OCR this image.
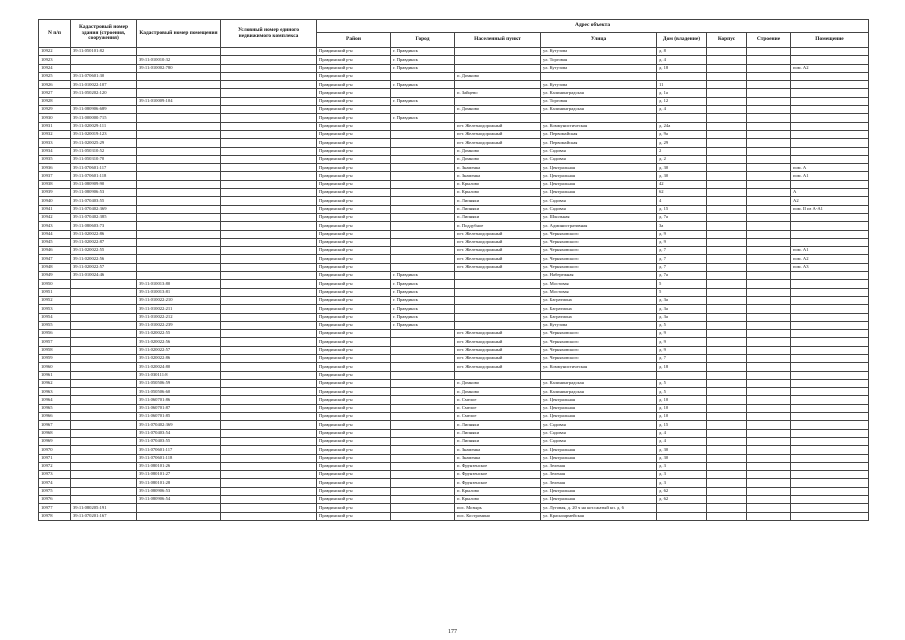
N п/п	Кадастровый номер здания (строения, сооружения)	Кадастровый номер помещения	Условный номер единого недвижимого комплекса	Адрес объекта							
				Район	Город	Населенный пункт	Улица	Дом (владение)	Корпус	Строение	Помещение
10922	39:11:050101:82			Правдинский р-н	г. Правдинск		ул. Кутузова	д. 8			
10923		39:11:010010:32		Правдинский р-н	г. Правдинск		ул. Торговая	д. 4			
10924		39:11:010002:780		Правдинский р-н	г. Правдинск		ул. Кутузова	д. 18			пом. А2
10925	39:11:070601:30			Правдинский р-н		п. Домново					
10926	39:11:010022:107			Правдинский р-н	г. Правдинск		ул. Кутузова	11			
10927	39:11:050202:120			Правдинский р-н		п. Зайцево	ул. Калининградская	д. 1а			
10928		39:11:010009:104		Правдинский р-н	г. Правдинск		ул. Торговая	д. 12			
10929	39:11:080906:689			Правдинский р-н		п. Домново	ул. Калининградская	д. 4			
10930	39:11:000000:715			Правдинский р-н	г. Правдинск						
10931	39:11:020029:111			Правдинский р-н		пгт. Железнодорожный	ул. Коммунистическая	д. 24а			
10932	39:11:020019:123			Правдинский р-н		пгт. Железнодорожный	ул. Первомайская	д. 9а			
10933	39:11:020025:29			Правдинский р-н		пгт. Железнодорожный	ул. Первомайская	д. 29			
10934	39:11:050310:52			Правдинский р-н		п. Домново	ул. Садовая	2			
10935	39:11:050310:70			Правдинский р-н		п. Домново	ул. Садовая	д. 2			
10936	39:11:070601:117			Правдинский р-н		п. Знаменка	ул. Центральная	д. 30			пом. А
10937	39:11:070601:118			Правдинский р-н		п. Знаменка	ул. Центральная	д. 30			пом. А1
10938	39:11:080909:90			Правдинский р-н		п. Крылово	ул. Центральная	42			
10939	39:11:080906:53			Правдинский р-н		п. Крылово	ул. Центральная	62			А
10940	39:11:070403:55			Правдинский р-н		п. Липняки	ул. Садовая	4			А2
10941	39:11:070402:369			Правдинский р-н		п. Липняки	ул. Садовая	д. 15			пом. II из А-А1
10942	39:11:070402:385			Правдинский р-н		п. Липняки	ул. Школьная	д. 7а			
10943	39:11:080603:73			Правдинский р-н		п. Поддубное	ул. Административная	3а			
10944	39:11:020022:86			Правдинский р-н		пгт. Железнодорожный	ул. Черняховского	д. 9			
10945	39:11:020022:87			Правдинский р-н		пгт. Железнодорожный	ул. Черняховского	д. 9			
10946	39:11:020022:55			Правдинский р-н		пгт. Железнодорожный	ул. Черняховского	д. 7			пом. А1
10947	39:11:020022:56			Правдинский р-н		пгт. Железнодорожный	ул. Черняховского	д. 7			пом. А2
10948	39:11:020022:57			Правдинский р-н		пгт. Железнодорожный	ул. Черняховского	д. 7			пом. А3
10949	39:11:010024:46			Правдинский р-н	г. Правдинск		ул. Набережная	д. 7а			
10950		39:11:010013:80		Правдинский р-н	г. Правдинск		ул. Мостовая	5			
10951		39:11:010013:81		Правдинский р-н	г. Правдинск		ул. Мостовая	5			
10952		39:11:010022:210		Правдинский р-н	г. Правдинск		ул. Багратиона	д. 3а			
10953		39:11:010022:211		Правдинский р-н	г. Правдинск		ул. Багратиона	д. 3а			
10954		39:11:010022:212		Правдинский р-н	г. Правдинск		ул. Багратиона	д. 3а			
10955		39:11:010022:239		Правдинский р-н	г. Правдинск		ул. Кутузова	д. 5			
10956		39:11:020022:55		Правдинский р-н		пгт. Железнодорожный	ул. Черняховского	д. 9			
10957		39:11:020022:56		Правдинский р-н		пгт. Железнодорожный	ул. Черняховского	д. 9			
10958		39:11:020022:57		Правдинский р-н		пгт. Железнодорожный	ул. Черняховского	д. 9			
10959		39:11:020022:86		Правдинский р-н		пгт. Железнодорожный	ул. Черняховского	д. 7			
10960		39:11:020024:80		Правдинский р-н		пгт. Железнодорожный	ул. Коммунистическая	д. 18			
10961		39:11:030111:8		Правдинский р-н							
10962		39:11:050506:59		Правдинский р-н		п. Домново	ул. Калининградская	д. 5			
10963		39:11:050506:60		Правдинский р-н		п. Домново	ул. Калининградская	д. 5			
10964		39:11:060701:86		Правдинский р-н		п. Смелое	ул. Центральная	д. 10			
10965		39:11:060701:87		Правдинский р-н		п. Смелое	ул. Центральная	д. 10			
10966		39:11:060701:85		Правдинский р-н		п. Смелое	ул. Центральная	д. 10			
10967		39:11:070402:369		Правдинский р-н		п. Липняки	ул. Садовая	д. 15			
10968		39:11:070403:54		Правдинский р-н		п. Липняки	ул. Садовая	д. 4			
10969		39:11:070403:55		Правдинский р-н		п. Липняки	ул. Садовая	д. 4			
10970		39:11:070601:117		Правдинский р-н		п. Знаменка	ул. Центральная	д. 30			
10971		39:11:070601:118		Правдинский р-н		п. Знаменка	ул. Центральная	д. 30			
10972		39:11:080101:26		Правдинский р-н		п. Фрунзенское	ул. Зеленая	д. 3			
10973		39:11:080101:27		Правдинский р-н		п. Фрунзенское	ул. Зеленая	д. 3			
10974		39:11:080101:28		Правдинский р-н		п. Фрунзенское	ул. Зеленая	д. 3			
10975		39:11:080906:53		Правдинский р-н		п. Крылово	ул. Центральная	д. 62			
10976		39:11:080906:54		Правдинский р-н		п. Крылово	ул. Центральная	д. 62			
10977	39:11:080205:191			Правдинский р-н		пос. Мозырь	ул. Луговая, д. 20 ч на кот.сжатый кп. д. 6				
10978	39:11:070201:167			Правдинский р-н		пос. Костромино	ул. Красноармейская				
177
